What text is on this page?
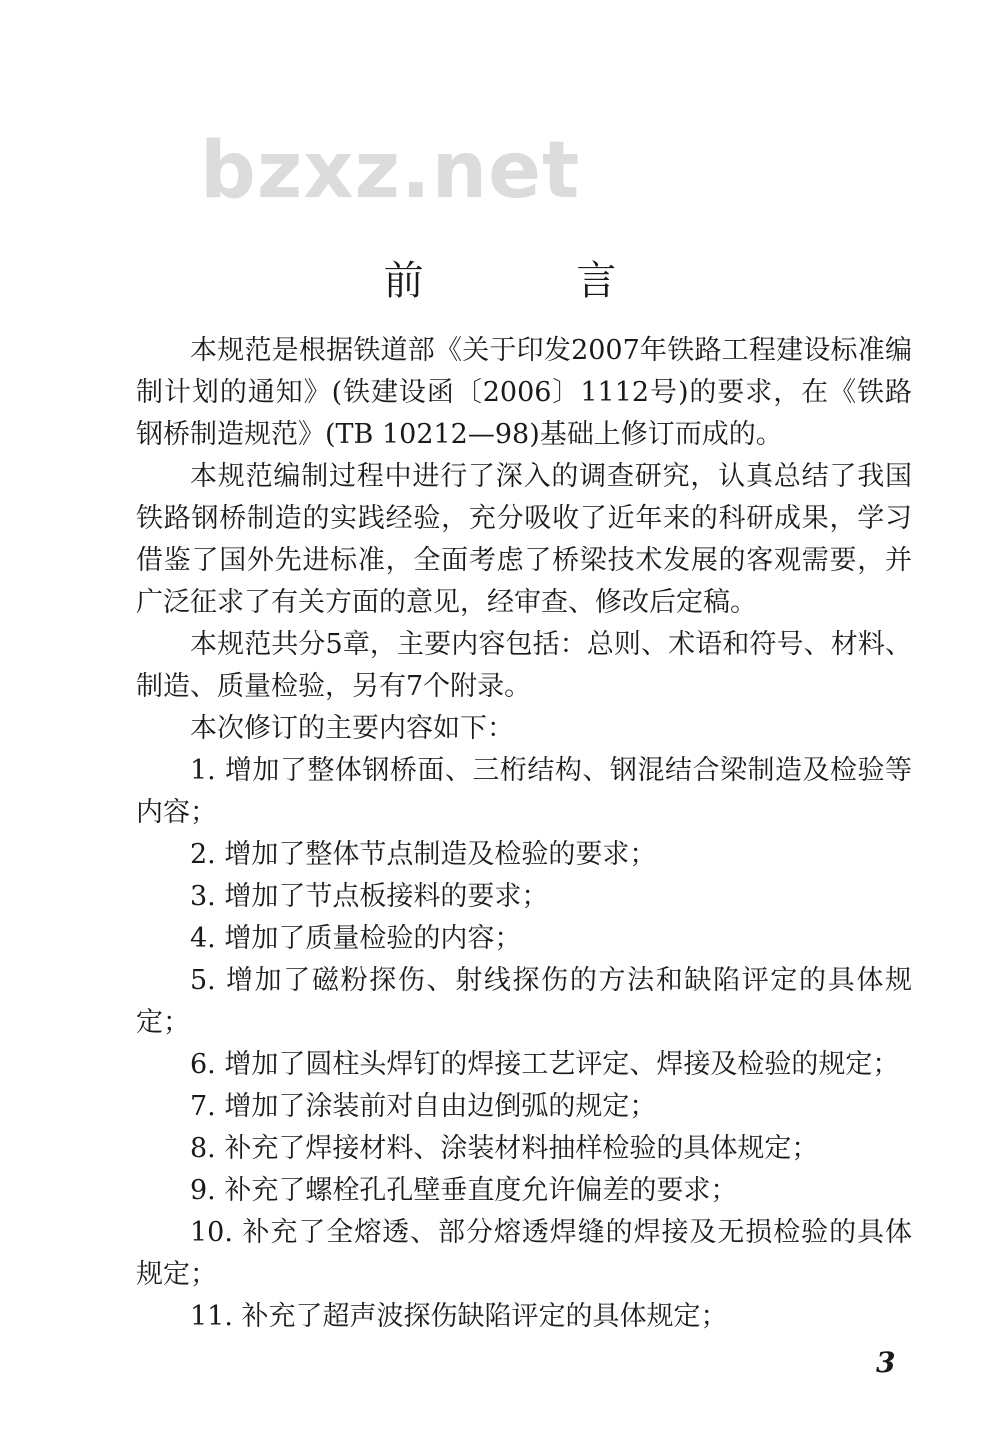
bzxz.net
前 言

本规范是根据铁道部《关于印发2007年铁路工程建设标准编制计划的通知》(铁建设函〔2006〕1112号)的要求，在《铁路钢桥制造规范》(TB 10212—98)基础上修订而成的。

本规范编制过程中进行了深入的调查研究，认真总结了我国铁路钢桥制造的实践经验，充分吸收了近年来的科研成果，学习借鉴了国外先进标准，全面考虑了桥梁技术发展的客观需要，并广泛征求了有关方面的意见，经审查、修改后定稿。

本规范共分5章，主要内容包括：总则、术语和符号、材料、制造、质量检验，另有7个附录。

本次修订的主要内容如下：

1. 增加了整体钢桥面、三桁结构、钢混结合梁制造及检验等内容；

2. 增加了整体节点制造及检验的要求；

3. 增加了节点板接料的要求；

4. 增加了质量检验的内容；

5. 增加了磁粉探伤、射线探伤的方法和缺陷评定的具体规定；

6. 增加了圆柱头焊钉的焊接工艺评定、焊接及检验的规定；

7. 增加了涂装前对自由边倒弧的规定；

8. 补充了焊接材料、涂装材料抽样检验的具体规定；

9. 补充了螺栓孔孔壁垂直度允许偏差的要求；

10. 补充了全熔透、部分熔透焊缝的焊接及无损检验的具体规定；

11. 补充了超声波探伤缺陷评定的具体规定；

3
